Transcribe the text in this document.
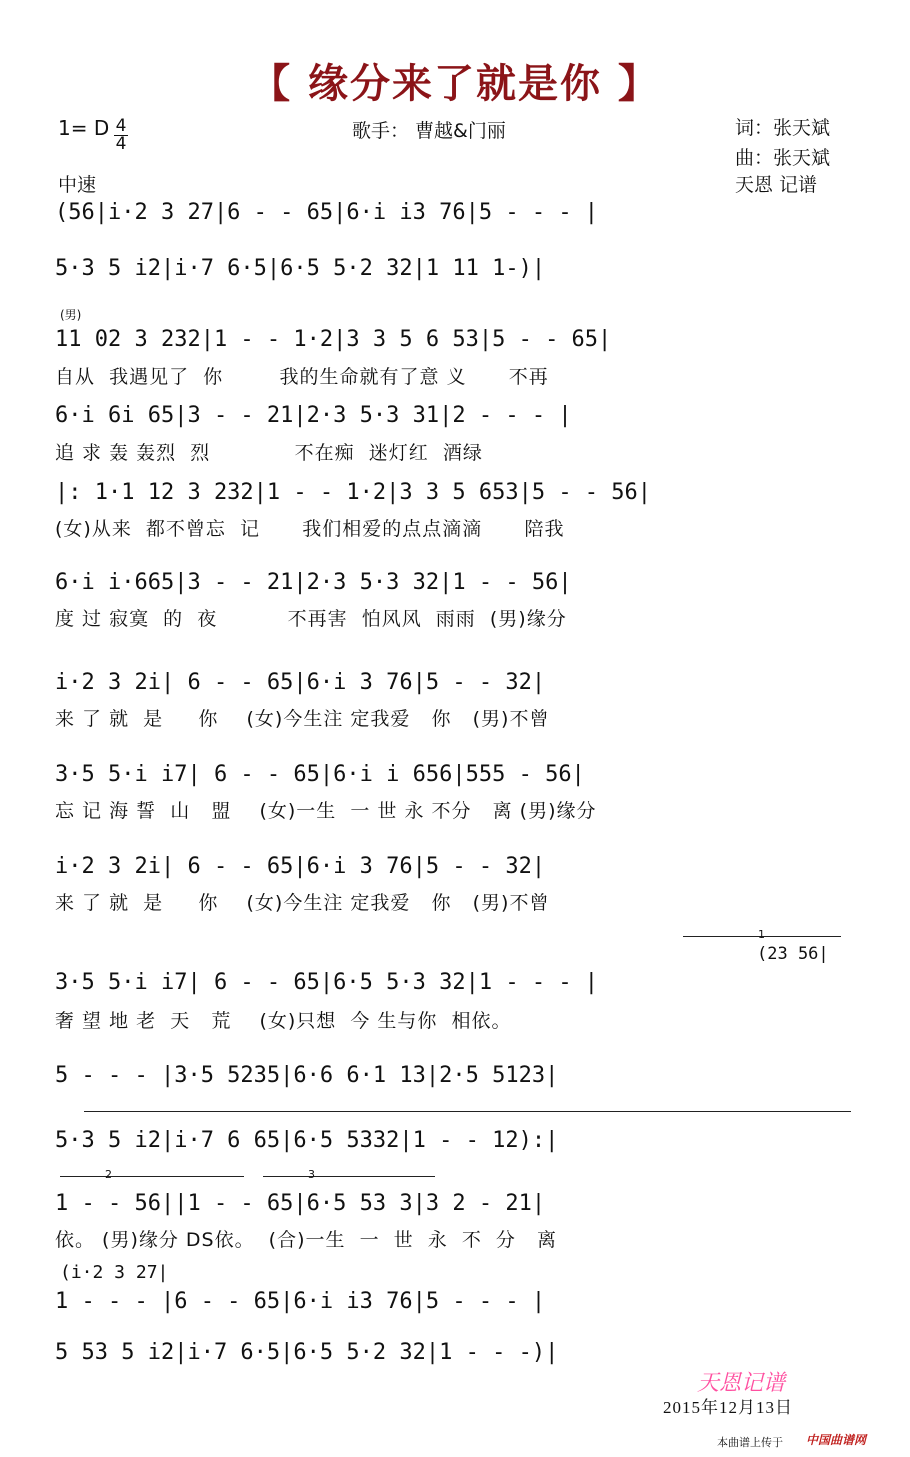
【 缘分来了就是你 】
1= D 4
4
歌手： 曹越&门丽	词：张天斌
曲：张天斌
中速	天恩 记谱
(56|i·2 3 27|6 - - 65|6·i i3 76|5 - - - |
5·3 5 i2|i·7 6·5|6·5 5·2 32|1 11 1-)|
(男)
11 02 3 232|1 - - 1·2|3 3 5 6 53|5 - - 65|
自从  我遇见了  你        我的生命就有了意 义      不再
6·i 6i 65|3 - - 21|2·3 5·3 31|2 - - - |
追 求 轰 轰烈  烈            不在痴  迷灯红  酒绿
|: 1·1 12 3 232|1 - - 1·2|3 3 5 653|5 - - 56|
(女)从来  都不曾忘  记      我们相爱的点点滴滴      陪我
6·i i·665|3 - - 21|2·3 5·3 32|1 - - 56|
度 过 寂寞  的  夜          不再害  怕风风  雨雨  (男)缘分
i·2 3 2i| 6 - - 65|6·i 3 76|5 - - 32|
来 了 就  是     你    (女)今生注 定我爱   你   (男)不曾
3·5 5·i i7| 6 - - 65|6·i i 656|555 - 56|
忘 记 海 誓  山   盟    (女)一生  一 世 永 不分   离 (男)缘分
i·2 3 2i| 6 - - 65|6·i 3 76|5 - - 32|
来 了 就  是     你    (女)今生注 定我爱   你   (男)不曾
1
(23 56|
3·5 5·i i7| 6 - - 65|6·5 5·3 32|1 - - - |
奢 望 地 老  天   荒    (女)只想  今 生与你  相依。
5 - - - |3·5 5235|6·6 6·1 13|2·5 5123|
5·3 5 i2|i·7 6 65|6·5 5332|1 - - 12):|
2	3
1 - - 56||1 - - 65|6·5 53 3|3 2 - 21|
依。 (男)缘分 DS依。  (合)一生  一  世  永  不  分   离
(i·2 3 27|
1 - - - |6 - - 65|6·i i3 76|5 - - - |
5 53 5 i2|i·7 6·5|6·5 5·2 32|1 - - -)|
天恩记谱
2015年12月13日
本曲谱上传于 中国曲谱网
